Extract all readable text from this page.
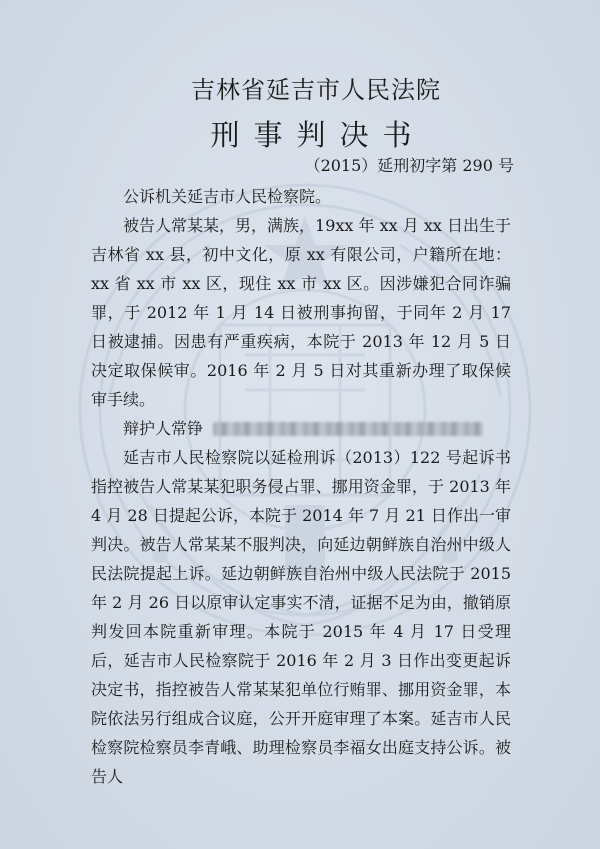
吉林省延吉市人民法院
刑事判决书
（2015）延刑初字第 290 号

公诉机关延吉市人民检察院。

被告人常某某，男，满族，19xx 年 xx 月 xx 日出生于吉林省 xx 县，初中文化，原 xx 有限公司，户籍所在地：xx 省 xx 市 xx 区，现住 xx 市 xx 区。因涉嫌犯合同诈骗罪，于 2012 年 1 月 14 日被刑事拘留，于同年 2 月 17 日被逮捕。因患有严重疾病，本院于 2013 年 12 月 5 日决定取保候审。2016 年 2 月 5 日对其重新办理了取保候审手续。

辩护人常铮

延吉市人民检察院以延检刑诉（2013）122 号起诉书指控被告人常某某犯职务侵占罪、挪用资金罪，于 2013 年 4 月 28 日提起公诉，本院于 2014 年 7 月 21 日作出一审判决。被告人常某某不服判决，向延边朝鲜族自治州中级人民法院提起上诉。延边朝鲜族自治州中级人民法院于 2015 年 2 月 26 日以原审认定事实不清，证据不足为由，撤销原判发回本院重新审理。本院于 2015 年 4 月 17 日受理后，延吉市人民检察院于 2016 年 2 月 3 日作出变更起诉决定书，指控被告人常某某犯单位行贿罪、挪用资金罪，本院依法另行组成合议庭，公开开庭审理了本案。延吉市人民检察院检察员李青峨、助理检察员李福女出庭支持公诉。被告人
